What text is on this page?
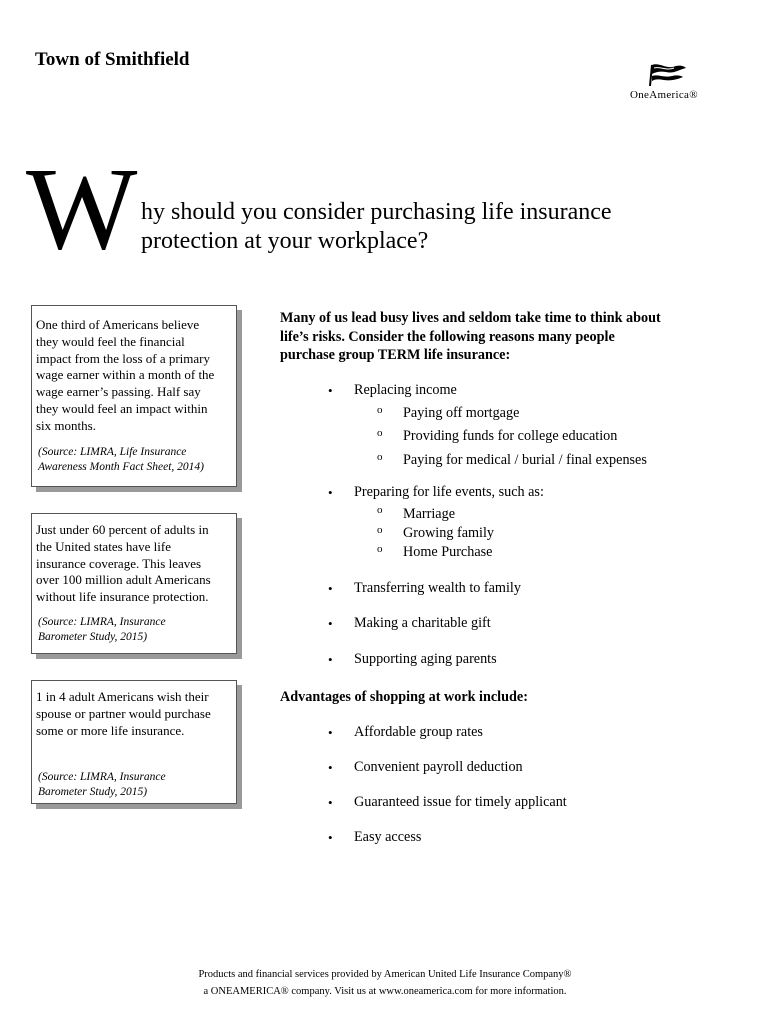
Town of Smithfield
OneAmerica®
W hy should you consider purchasing life insurance
protection at your workplace?
One third of Americans believe
they would feel the financial
impact from the loss of a primary
wage earner within a month of the
wage earner’s passing. Half say
they would feel an impact within
six months.
(Source: LIMRA, Life Insurance
Awareness Month Fact Sheet, 2014)
Just under 60 percent of adults in
the United states have life
insurance coverage. This leaves
over 100 million adult Americans
without life insurance protection.
(Source: LIMRA, Insurance
Barometer Study, 2015)
1 in 4 adult Americans wish their
spouse or partner would purchase
some or more life insurance.
(Source: LIMRA, Insurance
Barometer Study, 2015)
Many of us lead busy lives and seldom take time to think about
life’s risks. Consider the following reasons many people
purchase group TERM life insurance:
• Replacing income
o Paying off mortgage
o Providing funds for college education
o Paying for medical / burial / final expenses
• Preparing for life events, such as:
o Marriage
o Growing family
o Home Purchase
• Transferring wealth to family
• Making a charitable gift
• Supporting aging parents
Advantages of shopping at work include:
• Affordable group rates
• Convenient payroll deduction
• Guaranteed issue for timely applicant
• Easy access
Products and financial services provided by American United Life Insurance Company®
a ONEAMERICA® company. Visit us at www.oneamerica.com for more information.
